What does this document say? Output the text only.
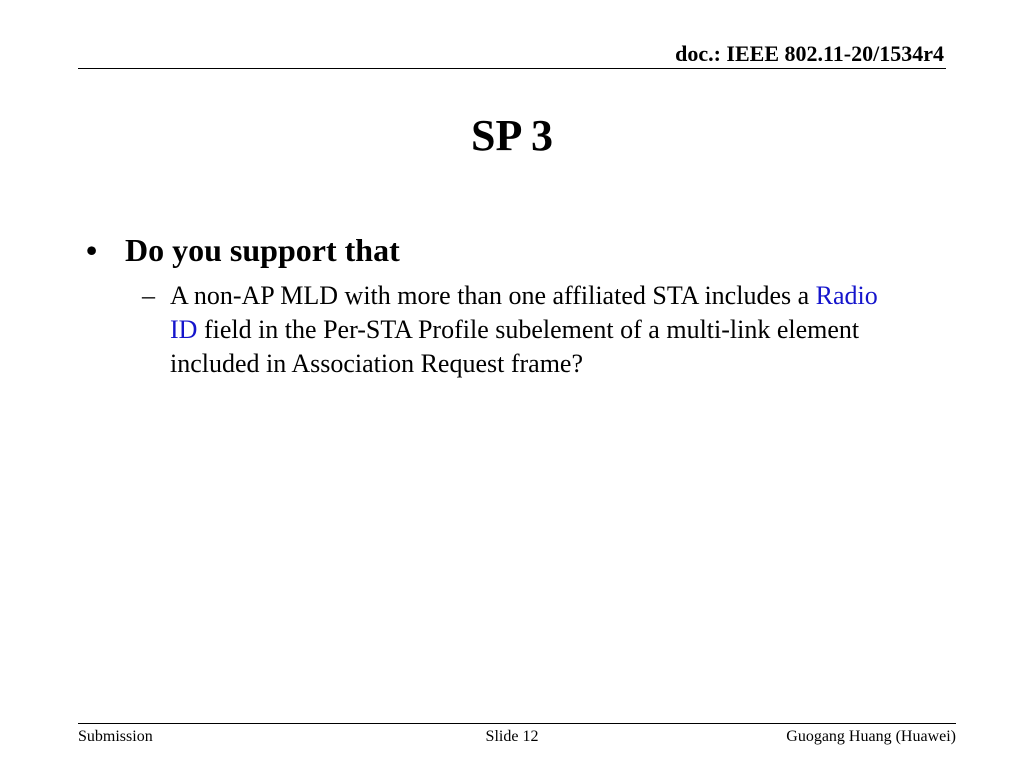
doc.: IEEE 802.11-20/1534r4
SP 3
• Do you support that
– A non-AP MLD with more than one affiliated STA includes a Radio ID field in the Per-STA Profile subelement of a multi-link element included in Association Request frame?
Submission	Slide 12	Guogang Huang (Huawei)
